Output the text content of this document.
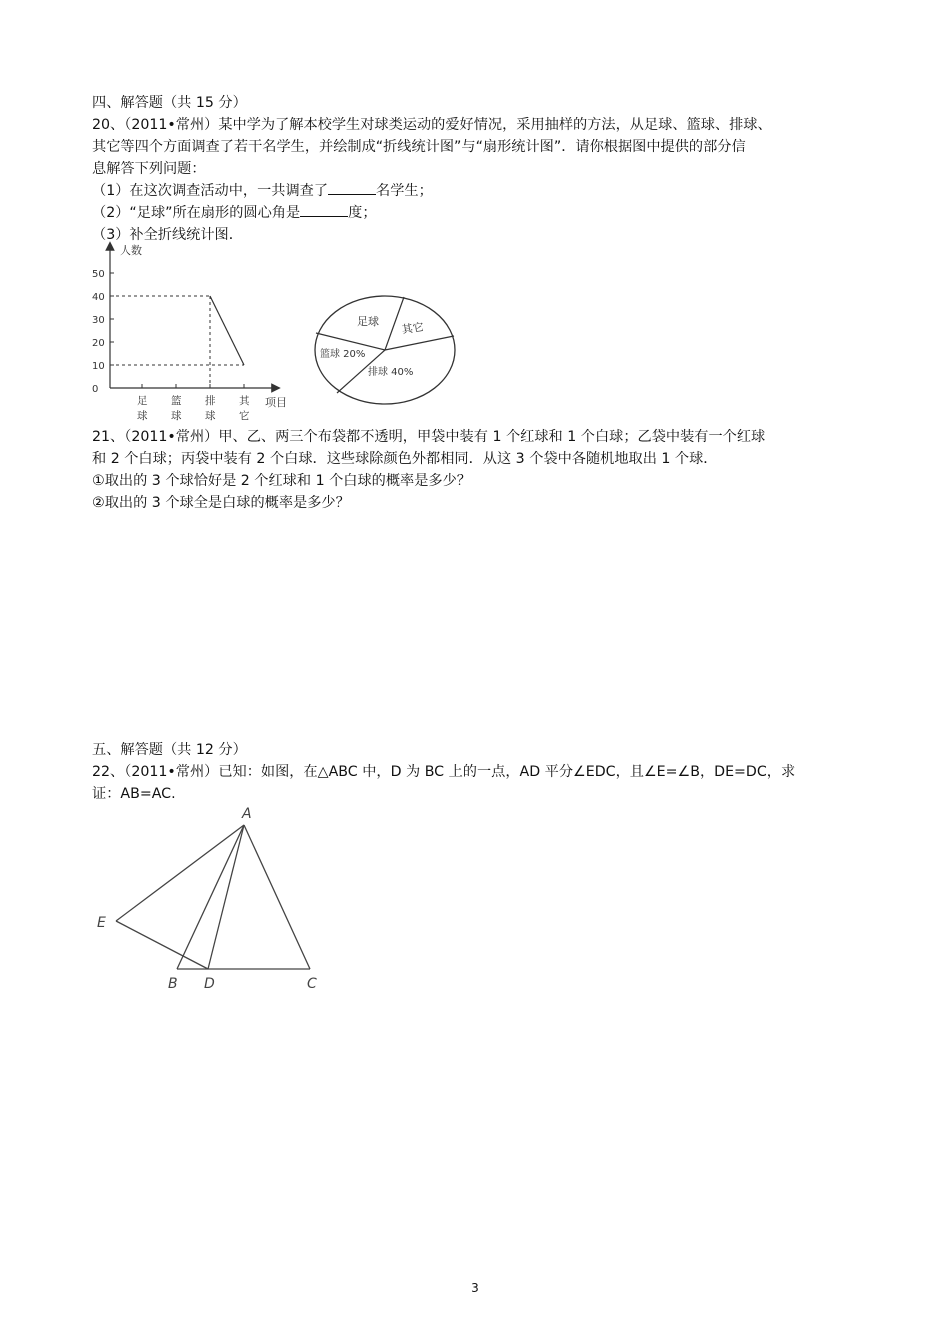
四、解答题（共 15 分）
20、（2011•常州）某中学为了解本校学生对球类运动的爱好情况，采用抽样的方法，从足球、篮球、排球、
其它等四个方面调查了若干名学生，并绘制成“折线统计图”与“扇形统计图”．请你根据图中提供的部分信
息解答下列问题：
（1）在这次调查活动中，一共调查了	名学生；
（2）“足球”所在扇形的圆心角是	度；
（3）补全折线统计图．
人数
项目
0
10
20
30
40
50
足
球
篮
球
排
球
其
它
足球 其它
篮球 20%
排球 40%
21、（2011•常州）甲、乙、两三个布袋都不透明，甲袋中装有 1 个红球和 1 个白球；乙袋中装有一个红球
和 2 个白球；丙袋中装有 2 个白球．这些球除颜色外都相同．从这 3 个袋中各随机地取出 1 个球．
①取出的 3 个球恰好是 2 个红球和 1 个白球的概率是多少？
②取出的 3 个球全是白球的概率是多少？
五、解答题（共 12 分）
22、（2011•常州）已知：如图，在△ABC 中，D 为 BC 上的一点，AD 平分∠EDC，且∠E=∠B，DE=DC，求
证：AB=AC.
A
E
B D	C
3
